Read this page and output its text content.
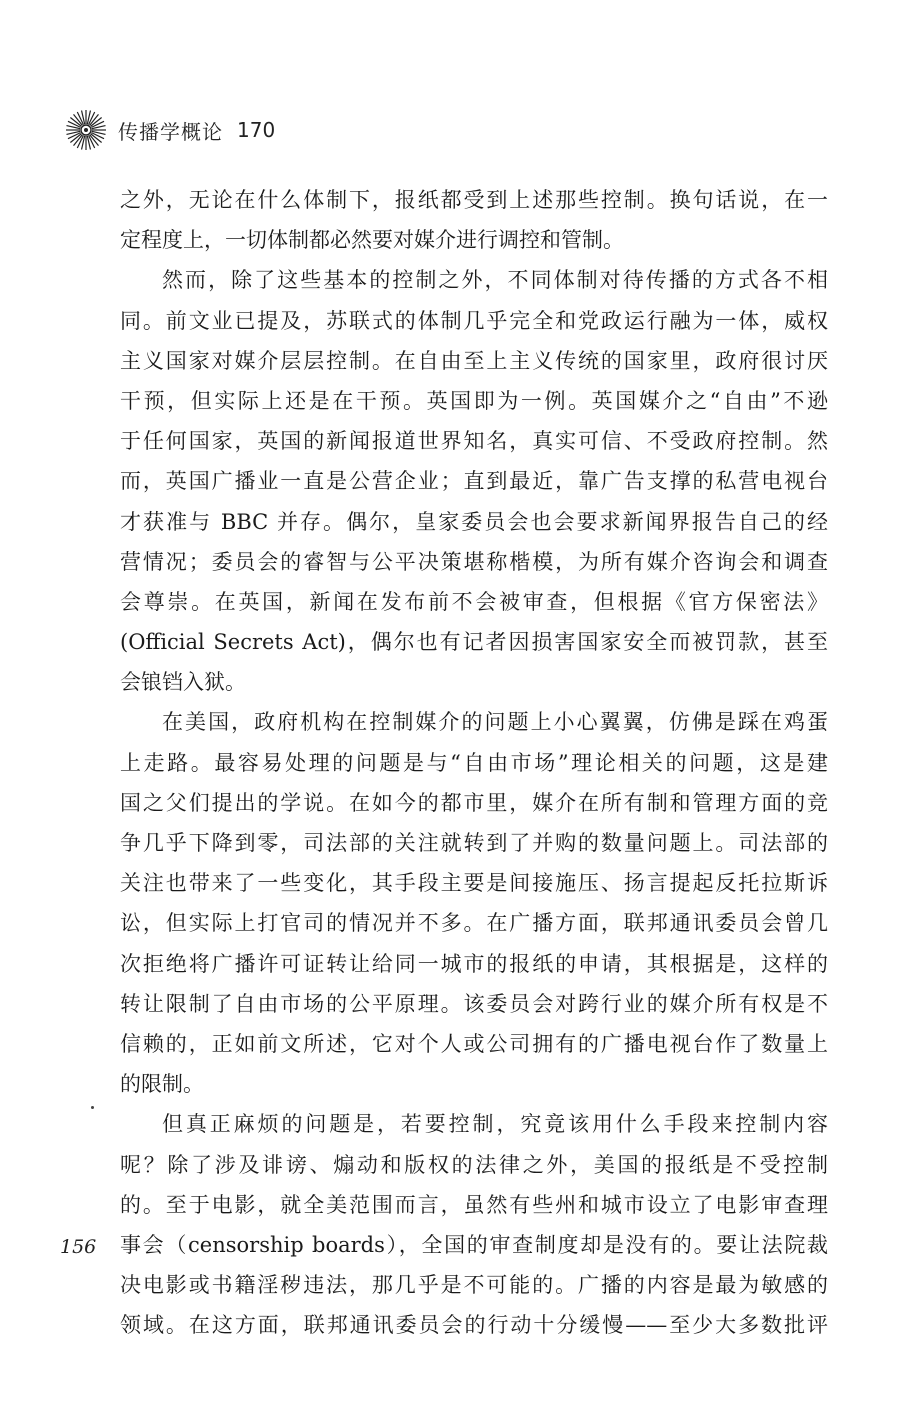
传播学概论 170
之外，无论在什么体制下，报纸都受到上述那些控制。换句话说，在一
定程度上，一切体制都必然要对媒介进行调控和管制。
然而，除了这些基本的控制之外，不同体制对待传播的方式各不相
同。前文业已提及，苏联式的体制几乎完全和党政运行融为一体，威权
主义国家对媒介层层控制。在自由至上主义传统的国家里，政府很讨厌
干预，但实际上还是在干预。英国即为一例。英国媒介之“自由”不逊
于任何国家，英国的新闻报道世界知名，真实可信、不受政府控制。然
而，英国广播业一直是公营企业；直到最近，靠广告支撑的私营电视台
才获准与 BBC 并存。偶尔，皇家委员会也会要求新闻界报告自己的经
营情况；委员会的睿智与公平决策堪称楷模，为所有媒介咨询会和调查
会尊崇。在英国，新闻在发布前不会被审查，但根据《官方保密法》
(Official Secrets Act)，偶尔也有记者因损害国家安全而被罚款，甚至
会锒铛入狱。
在美国，政府机构在控制媒介的问题上小心翼翼，仿佛是踩在鸡蛋
上走路。最容易处理的问题是与“自由市场”理论相关的问题，这是建
国之父们提出的学说。在如今的都市里，媒介在所有制和管理方面的竞
争几乎下降到零，司法部的关注就转到了并购的数量问题上。司法部的
关注也带来了一些变化，其手段主要是间接施压、扬言提起反托拉斯诉
讼，但实际上打官司的情况并不多。在广播方面，联邦通讯委员会曾几
次拒绝将广播许可证转让给同一城市的报纸的申请，其根据是，这样的
转让限制了自由市场的公平原理。该委员会对跨行业的媒介所有权是不
信赖的，正如前文所述，它对个人或公司拥有的广播电视台作了数量上
的限制。
但真正麻烦的问题是，若要控制，究竟该用什么手段来控制内容
呢？除了涉及诽谤、煽动和版权的法律之外，美国的报纸是不受控制
的。至于电影，就全美范围而言，虽然有些州和城市设立了电影审查理
事会（censorship boards），全国的审查制度却是没有的。要让法院裁
决电影或书籍淫秽违法，那几乎是不可能的。广播的内容是最为敏感的
领域。在这方面，联邦通讯委员会的行动十分缓慢——至少大多数批评
156
